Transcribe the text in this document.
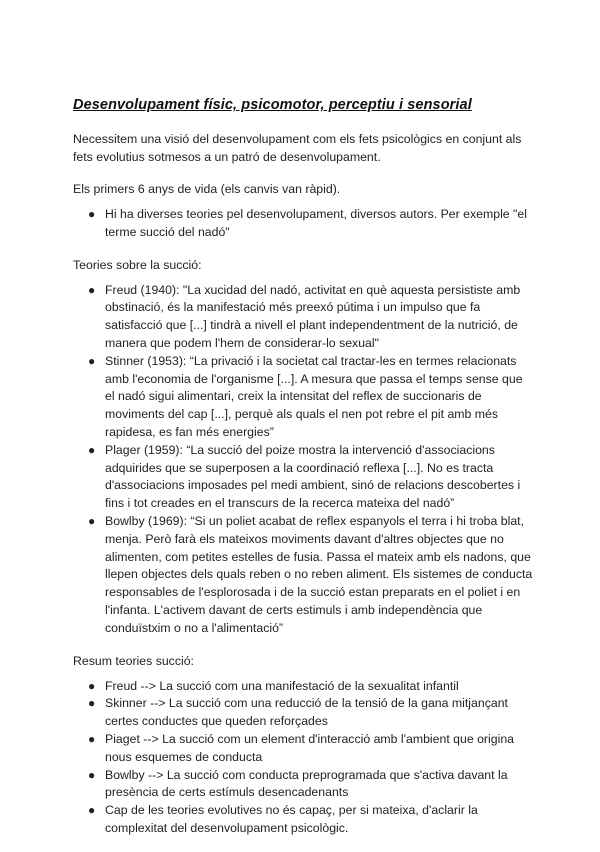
Desenvolupament físic, psicomotor, perceptiu i sensorial

Necessitem una visió del desenvolupament com els fets psicològics en conjunt als fets evolutius sotmesos a un patró de desenvolupament.

Els primers 6 anys de vida (els canvis van ràpid).

● Hi ha diverses teories pel desenvolupament, diversos autors. Per exemple "el terme succió del nadó"

Teories sobre la succió:

● Freud (1940): "La xucidad del nadó, activitat en què aquesta persististe amb obstinació, és la manifestació més preexó pútima i un impulso que fa satisfacció que [...] tindrà a nivell el plant independentment de la nutrició, de manera que podem l'hem de considerar-lo sexual"
● Stinner (1953): “La privació i la societat cal tractar-les en termes relacionats amb l'economia de l'organisme [...]. A mesura que passa el temps sense que el nadó sigui alimentari, creix la intensitat del reflex de succionaris de moviments del cap [...], perquè als quals el nen pot rebre el pit amb més rapidesa, es fan més energies”
● Plager (1959): “La succió del poize mostra la intervenció d'associacions adquirides que se superposen a la coordinació reflexa [...]. No es tracta d'associacions imposades pel medi ambient, sinó de relacions descobertes i fins i tot creades en el transcurs de la recerca mateixa del nadó”
● Bowlby (1969): “Si un poliet acabat de reflex espanyols el terra i hi troba blat, menja. Però farà els mateixos moviments davant d'altres objectes que no alimenten, com petites estelles de fusia. Passa el mateix amb els nadons, que llepen objectes dels quals reben o no reben aliment. Els sistemes de conducta responsables de l'esplorosada i de la succió estan preparats en el poliet i en l'infanta. L'activem davant de certs estimuls i amb independència que conduïstxim o no a l'alimentació”

Resum teories succió:

● Freud --> La succió com una manifestació de la sexualitat infantil
● Skinner --> La succió com una reducció de la tensió de la gana mitjançant certes conductes que queden reforçades
● Piaget --> La succió com un element d'interacció amb l'ambient que origina nous esquemes de conducta
● Bowlby --> La succió com conducta preprogramada que s'activa davant la presència de certs estímuls desencadenants
● Cap de les teories evolutives no és capaç, per si mateixa, d'aclarir la complexitat del desenvolupament psicològic.
